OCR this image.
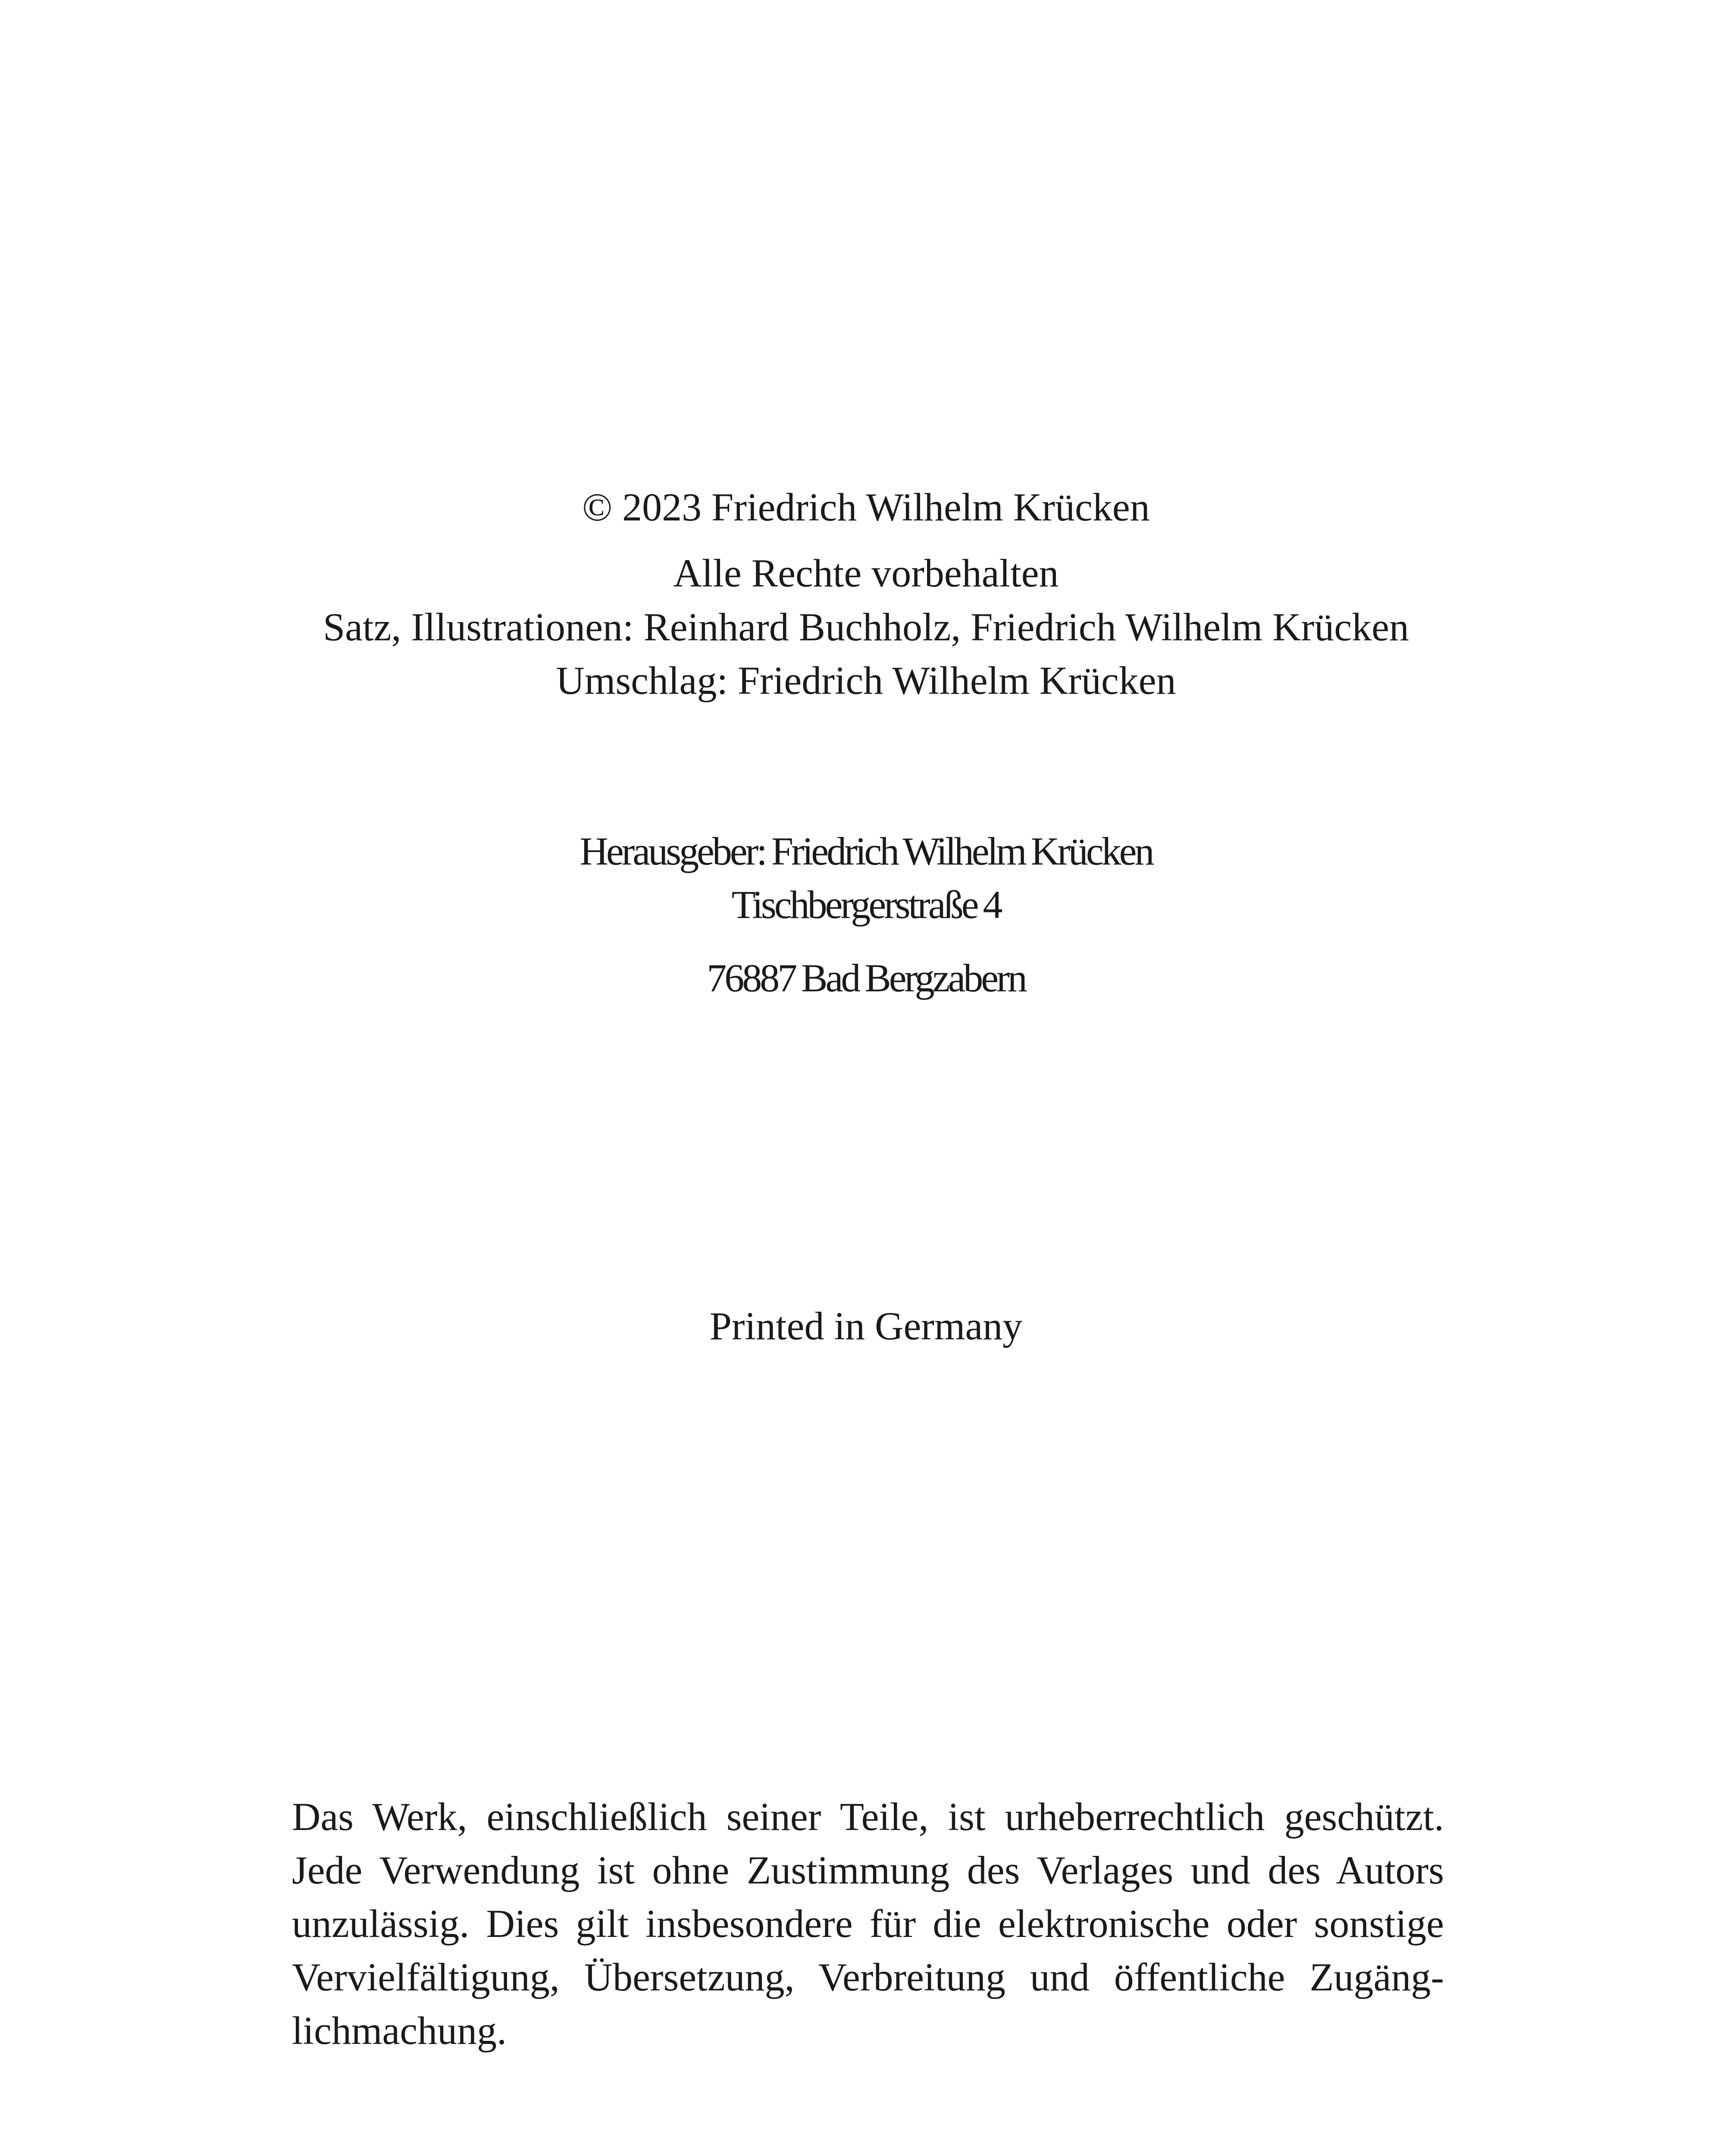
© 2023 Friedrich Wilhelm Krücken
Alle Rechte vorbehalten
Satz, Illustrationen: Reinhard Buchholz, Friedrich Wilhelm Krücken
Umschlag: Friedrich Wilhelm Krücken
Herausgeber: Friedrich Wilhelm Krücken
Tischbergerstraße 4
76887 Bad Bergzabern
Printed in Germany
Das Werk, einschließlich seiner Teile, ist urheberrechtlich geschützt. Jede Verwendung ist ohne Zustimmung des Verlages und des Autors unzulässig. Dies gilt insbesondere für die elektronische oder sonstige Vervielfältigung, Übersetzung, Verbreitung und öffentliche Zugäng-lichmachung.
